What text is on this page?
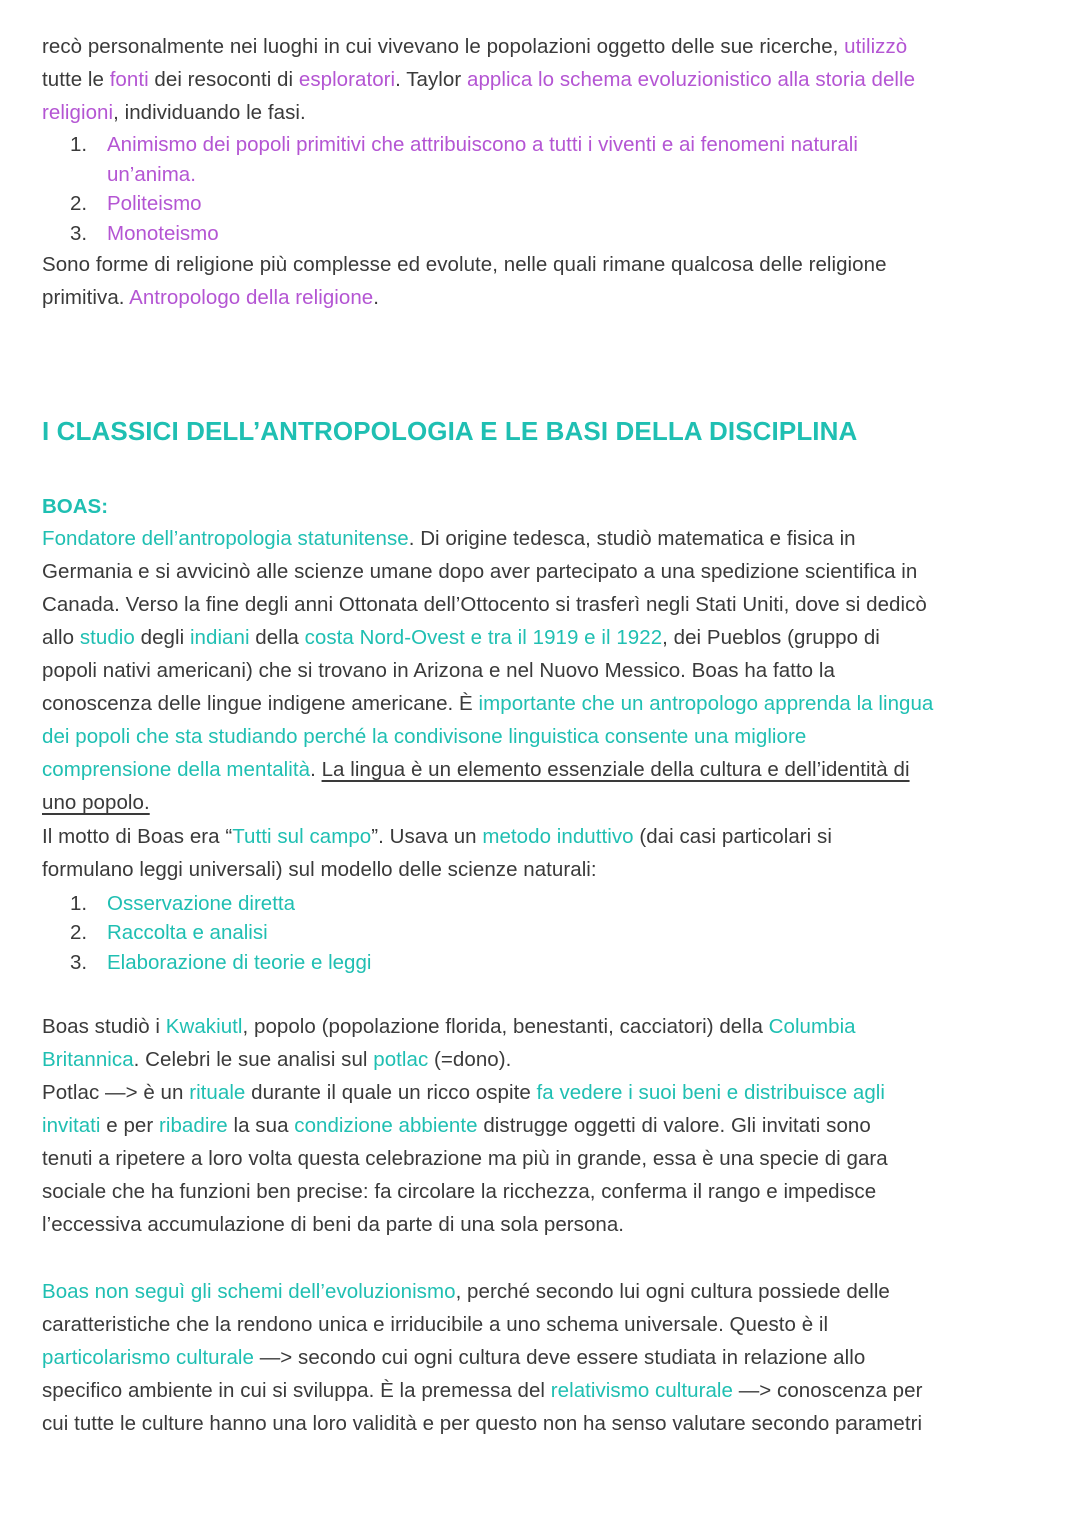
recò personalmente nei luoghi in cui vivevano le popolazioni oggetto delle sue ricerche, utilizzò

tutte le fonti dei resoconti di esploratori. Taylor applica lo schema evoluzionistico alla storia delle

religioni, individuando le fasi.

1. Animismo dei popoli primitivi che attribuiscono a tutti i viventi e ai fenomeni naturali
un’anima.
2. Politeismo
3. Monoteismo

Sono forme di religione più complesse ed evolute, nelle quali rimane qualcosa delle religione

primitiva. Antropologo della religione.

I CLASSICI DELL’ANTROPOLOGIA E LE BASI DELLA DISCIPLINA
BOAS:

Fondatore dell’antropologia statunitense. Di origine tedesca, studiò matematica e fisica in

Germania e si avvicinò alle scienze umane dopo aver partecipato a una spedizione scientifica in

Canada. Verso la fine degli anni Ottonata dell’Ottocento si trasferì negli Stati Uniti, dove si dedicò

allo studio degli indiani della costa Nord-Ovest e tra il 1919 e il 1922, dei Pueblos (gruppo di

popoli nativi americani) che si trovano in Arizona e nel Nuovo Messico. Boas ha fatto la

conoscenza delle lingue indigene americane. È importante che un antropologo apprenda la lingua

dei popoli che sta studiando perché la condivisone linguistica consente una migliore

comprensione della mentalità. La lingua è un elemento essenziale della cultura e dell’identità di

uno popolo.

Il motto di Boas era “Tutti sul campo”. Usava un metodo induttivo (dai casi particolari si

formulano leggi universali) sul modello delle scienze naturali:

1. Osservazione diretta
2. Raccolta e analisi
3. Elaborazione di teorie e leggi

Boas studiò i Kwakiutl, popolo (popolazione florida, benestanti, cacciatori) della Columbia

Britannica. Celebri le sue analisi sul potlac (=dono).

Potlac —> è un rituale durante il quale un ricco ospite fa vedere i suoi beni e distribuisce agli

invitati e per ribadire la sua condizione abbiente distrugge oggetti di valore. Gli invitati sono

tenuti a ripetere a loro volta questa celebrazione ma più in grande, essa è una specie di gara

sociale che ha funzioni ben precise: fa circolare la ricchezza, conferma il rango e impedisce

l’eccessiva accumulazione di beni da parte di una sola persona.

Boas non seguì gli schemi dell’evoluzionismo, perché secondo lui ogni cultura possiede delle

caratteristiche che la rendono unica e irriducibile a uno schema universale. Questo è il

particolarismo culturale —> secondo cui ogni cultura deve essere studiata in relazione allo

specifico ambiente in cui si sviluppa. È la premessa del relativismo culturale —> conoscenza per

cui tutte le culture hanno una loro validità e per questo non ha senso valutare secondo parametri
